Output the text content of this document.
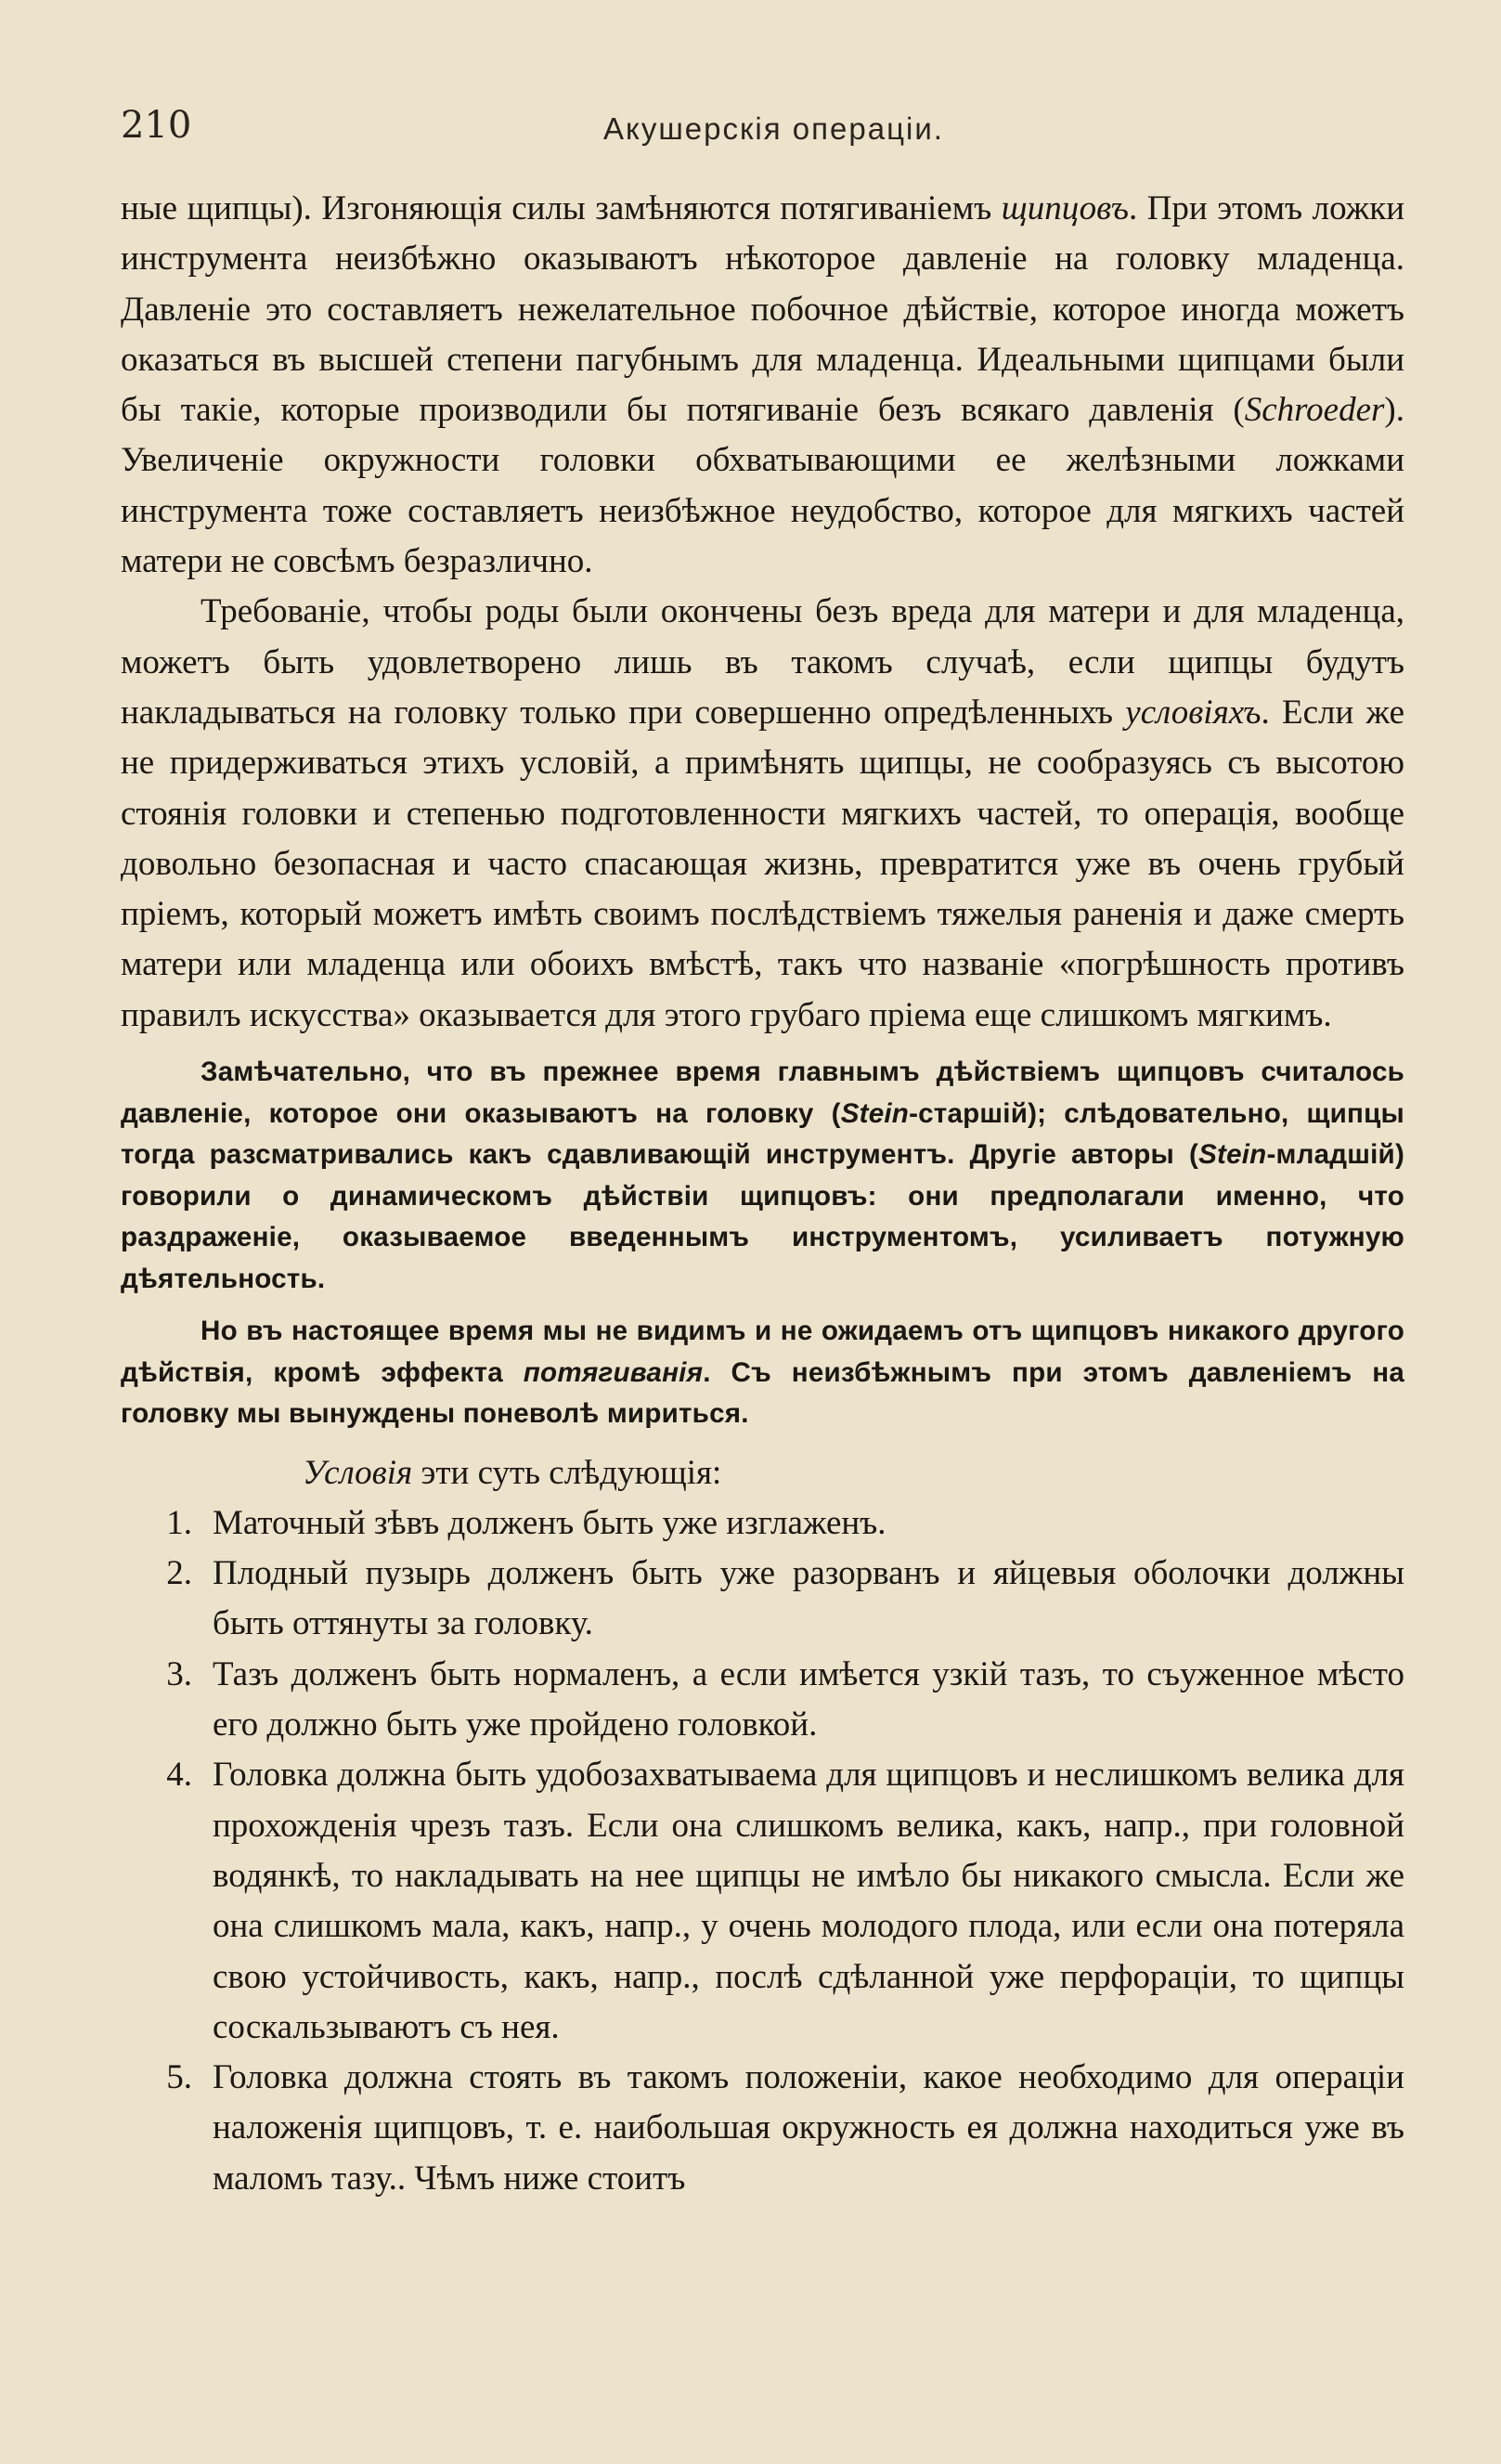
210	Акушерскія операціи.

ные щипцы). Изгоняющія силы замѣняются потягиваніемъ щипцовъ. При этомъ ложки инструмента неизбѣжно оказываютъ нѣкоторое давленіе на головку младенца. Давленіе это составляетъ нежелательное побочное дѣйствіе, которое иногда можетъ оказаться въ высшей степени пагубнымъ для младенца. Идеальными щипцами были бы такіе, которые производили бы потягиваніе безъ всякаго давленія (Schroeder). Увеличеніе окружности головки обхватывающими ее желѣзными ложками инструмента тоже составляетъ неизбѣжное неудобство, которое для мягкихъ частей матери не совсѣмъ безразлично.

Требованіе, чтобы роды были окончены безъ вреда для матери и для младенца, можетъ быть удовлетворено лишь въ такомъ случаѣ, если щипцы будутъ накладываться на головку только при совершенно опредѣленныхъ условіяхъ. Если же не придерживаться этихъ условій, а примѣнять щипцы, не сообразуясь съ высотою стоянія головки и степенью подготовленности мягкихъ частей, то операція, вообще довольно безопасная и часто спасающая жизнь, превратится уже въ очень грубый пріемъ, который можетъ имѣть своимъ послѣдствіемъ тяжелыя раненія и даже смерть матери или младенца или обоихъ вмѣстѣ, такъ что названіе «погрѣшность противъ правилъ искусства» оказывается для этого грубаго пріема еще слишкомъ мягкимъ.

Замѣчательно, что въ прежнее время главнымъ дѣйствіемъ щипцовъ считалось давленіе, которое они оказываютъ на головку (Stein-старшій); слѣдовательно, щипцы тогда разсматривались какъ сдавливающій инструментъ. Другіе авторы (Stein-младшій) говорили о динамическомъ дѣйствіи щипцовъ: они предполагали именно, что раздраженіе, оказываемое введеннымъ инструментомъ, усиливаетъ потужную дѣятельность.

Но въ настоящее время мы не видимъ и не ожидаемъ отъ щипцовъ никакого другого дѣйствія, кромѣ эффекта потягиванія. Съ неизбѣжнымъ при этомъ давленіемъ на головку мы вынуждены поневолѣ мириться.

Условія эти суть слѣдующія:

1. Маточный зѣвъ долженъ быть уже изглаженъ.
2. Плодный пузырь долженъ быть уже разорванъ и яйцевыя оболочки должны быть оттянуты за головку.
3. Тазъ долженъ быть нормаленъ, а если имѣется узкій тазъ, то съуженное мѣсто его должно быть уже пройдено головкой.
4. Головка должна быть удобозахватываема для щипцовъ и неслишкомъ велика для прохожденія чрезъ тазъ. Если она слишкомъ велика, какъ, напр., при головной водянкѣ, то накладывать на нее щипцы не имѣло бы никакого смысла. Если же она слишкомъ мала, какъ, напр., у очень молодого плода, или если она потеряла свою устойчивость, какъ, напр., послѣ сдѣланной уже перфораціи, то щипцы соскальзываютъ съ нея.
5. Головка должна стоять въ такомъ положеніи, какое необходимо для операціи наложенія щипцовъ, т. е. наибольшая окружность ея должна находиться уже въ маломъ тазу.. Чѣмъ ниже стоитъ
